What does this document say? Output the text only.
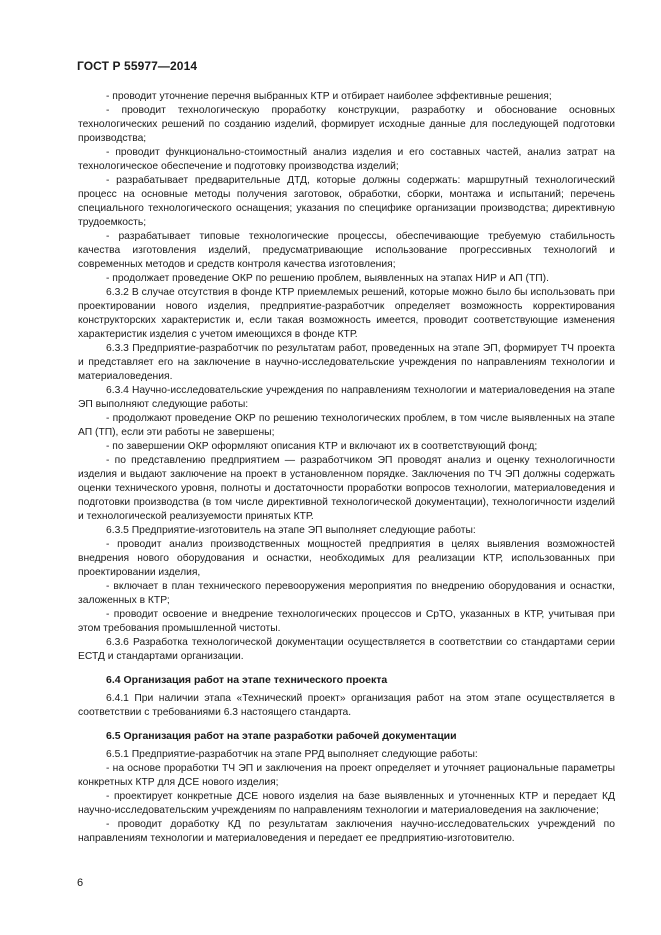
ГОСТ Р 55977—2014

- проводит уточнение перечня выбранных КТР и отбирает наиболее эффективные решения;

- проводит технологическую проработку конструкции, разработку и обоснование основных технологических решений по созданию изделий, формирует исходные данные для последующей подготовки производства;

- проводит функционально-стоимостный анализ изделия и его составных частей, анализ затрат на технологическое обеспечение и подготовку производства изделий;

- разрабатывает предварительные ДТД, которые должны содержать: маршрутный технологический процесс на основные методы получения заготовок, обработки, сборки, монтажа и испытаний; перечень специального технологического оснащения; указания по специфике организации производства; директивную трудоемкость;

- разрабатывает типовые технологические процессы, обеспечивающие требуемую стабильность качества изготовления изделий, предусматривающие использование прогрессивных технологий и современных методов и средств контроля качества изготовления;

- продолжает проведение ОКР по решению проблем, выявленных на этапах НИР и АП (ТП).

6.3.2 В случае отсутствия в фонде КТР приемлемых решений, которые можно было бы использовать при проектировании нового изделия, предприятие-разработчик определяет возможность корректирования конструкторских характеристик и, если такая возможность имеется, проводит соответствующие изменения характеристик изделия с учетом имеющихся в фонде КТР.

6.3.3 Предприятие-разработчик по результатам работ, проведенных на этапе ЭП, формирует ТЧ проекта и представляет его на заключение в научно-исследовательские учреждения по направлениям технологии и материаловедения.

6.3.4 Научно-исследовательские учреждения по направлениям технологии и материаловедения на этапе ЭП выполняют следующие работы:

- продолжают проведение ОКР по решению технологических проблем, в том числе выявленных на этапе АП (ТП), если эти работы не завершены;

- по завершении ОКР оформляют описания КТР и включают их в соответствующий фонд;

- по представлению предприятием — разработчиком ЭП проводят анализ и оценку технологичности изделия и выдают заключение на проект в установленном порядке. Заключения по ТЧ ЭП должны содержать оценки технического уровня, полноты и достаточности проработки вопросов технологии, материаловедения и подготовки производства (в том числе директивной технологической документации), технологичности изделий и технологической реализуемости принятых КТР.

6.3.5 Предприятие-изготовитель на этапе ЭП выполняет следующие работы:

- проводит анализ производственных мощностей предприятия в целях выявления возможностей внедрения нового оборудования и оснастки, необходимых для реализации КТР, использованных при проектировании изделия,

- включает в план технического перевооружения мероприятия по внедрению оборудования и оснастки, заложенных в КТР;

- проводит освоение и внедрение технологических процессов и СрТО, указанных в КТР, учитывая при этом требования промышленной чистоты.

6.3.6 Разработка технологической документации осуществляется в соответствии со стандартами серии ЕСТД и стандартами организации.

6.4 Организация работ на этапе технического проекта

6.4.1 При наличии этапа «Технический проект» организация работ на этом этапе осуществляется в соответствии с требованиями 6.3 настоящего стандарта.

6.5 Организация работ на этапе разработки рабочей документации

6.5.1 Предприятие-разработчик на этапе РРД выполняет следующие работы:

- на основе проработки ТЧ ЭП и заключения на проект определяет и уточняет рациональные параметры конкретных КТР для ДСЕ нового изделия;

- проектирует конкретные ДСЕ нового изделия на базе выявленных и уточненных КТР и передает КД научно-исследовательским учреждениям по направлениям технологии и материаловедения на заключение;

- проводит доработку КД по результатам заключения научно-исследовательских учреждений по направлениям технологии и материаловедения и передает ее предприятию-изготовителю.

6
